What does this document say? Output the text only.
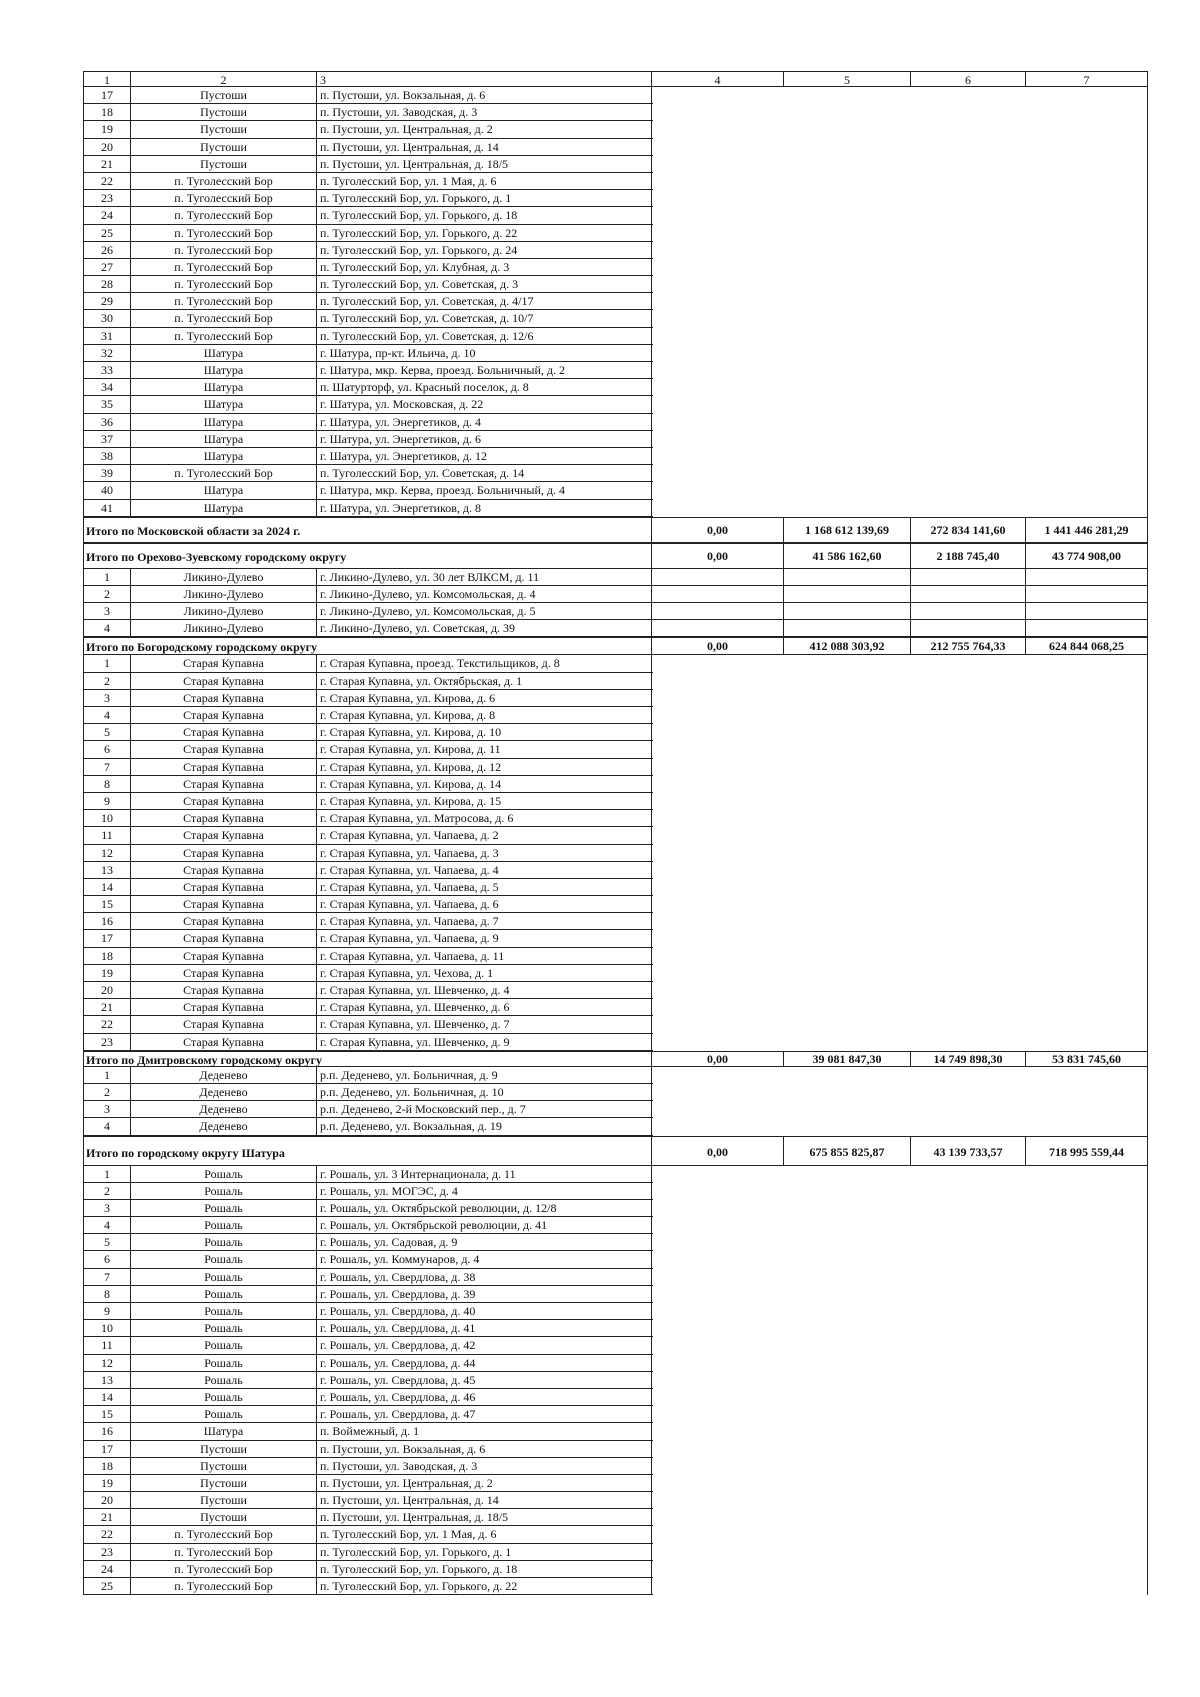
1	2	3	4	5	6	7
17	Пустоши	п. Пустоши, ул. Вокзальная, д. 6
18	Пустоши	п. Пустоши, ул. Заводская, д. 3
19	Пустоши	п. Пустоши, ул. Центральная, д. 2
20	Пустоши	п. Пустоши, ул. Центральная, д. 14
21	Пустоши	п. Пустоши, ул. Центральная, д. 18/5
22	п. Туголесский Бор	п. Туголесский Бор, ул. 1 Мая, д. 6
23	п. Туголесский Бор	п. Туголесский Бор, ул. Горького, д. 1
24	п. Туголесский Бор	п. Туголесский Бор, ул. Горького, д. 18
25	п. Туголесский Бор	п. Туголесский Бор, ул. Горького, д. 22
26	п. Туголесский Бор	п. Туголесский Бор, ул. Горького, д. 24
27	п. Туголесский Бор	п. Туголесский Бор, ул. Клубная, д. 3
28	п. Туголесский Бор	п. Туголесский Бор, ул. Советская, д. 3
29	п. Туголесский Бор	п. Туголесский Бор, ул. Советская, д. 4/17
30	п. Туголесский Бор	п. Туголесский Бор, ул. Советская, д. 10/7
31	п. Туголесский Бор	п. Туголесский Бор, ул. Советская, д. 12/6
32	Шатура	г. Шатура, пр-кт. Ильича, д. 10
33	Шатура	г. Шатура, мкр. Керва, проезд. Больничный, д. 2
34	Шатура	п. Шатурторф, ул. Красный поселок, д. 8
35	Шатура	г. Шатура, ул. Московская, д. 22
36	Шатура	г. Шатура, ул. Энергетиков, д. 4
37	Шатура	г. Шатура, ул. Энергетиков, д. 6
38	Шатура	г. Шатура, ул. Энергетиков, д. 12
39	п. Туголесский Бор	п. Туголесский Бор, ул. Советская, д. 14
40	Шатура	г. Шатура, мкр. Керва, проезд. Больничный, д. 4
41	Шатура	г. Шатура, ул. Энергетиков, д. 8
Итого по Московской области за 2024 г.	0,00	1 168 612 139,69	272 834 141,60	1 441 446 281,29
Итого по Орехово-Зуевскому городскому округу	0,00	41 586 162,60	2 188 745,40	43 774 908,00
1	Ликино-Дулево	г. Ликино-Дулево, ул. 30 лет ВЛКСМ, д. 11
2	Ликино-Дулево	г. Ликино-Дулево, ул. Комсомольская, д. 4
3	Ликино-Дулево	г. Ликино-Дулево, ул. Комсомольская, д. 5
4	Ликино-Дулево	г. Ликино-Дулево, ул. Советская, д. 39
Итого по Богородскому городскому округу	0,00	412 088 303,92	212 755 764,33	624 844 068,25
1	Старая Купавна	г. Старая Купавна, проезд. Текстильщиков, д. 8
2	Старая Купавна	г. Старая Купавна, ул. Октябрьская, д. 1
3	Старая Купавна	г. Старая Купавна, ул. Кирова, д. 6
4	Старая Купавна	г. Старая Купавна, ул. Кирова, д. 8
5	Старая Купавна	г. Старая Купавна, ул. Кирова, д. 10
6	Старая Купавна	г. Старая Купавна, ул. Кирова, д. 11
7	Старая Купавна	г. Старая Купавна, ул. Кирова, д. 12
8	Старая Купавна	г. Старая Купавна, ул. Кирова, д. 14
9	Старая Купавна	г. Старая Купавна, ул. Кирова, д. 15
10	Старая Купавна	г. Старая Купавна, ул. Матросова, д. 6
11	Старая Купавна	г. Старая Купавна, ул. Чапаева, д. 2
12	Старая Купавна	г. Старая Купавна, ул. Чапаева, д. 3
13	Старая Купавна	г. Старая Купавна, ул. Чапаева, д. 4
14	Старая Купавна	г. Старая Купавна, ул. Чапаева, д. 5
15	Старая Купавна	г. Старая Купавна, ул. Чапаева, д. 6
16	Старая Купавна	г. Старая Купавна, ул. Чапаева, д. 7
17	Старая Купавна	г. Старая Купавна, ул. Чапаева, д. 9
18	Старая Купавна	г. Старая Купавна, ул. Чапаева, д. 11
19	Старая Купавна	г. Старая Купавна, ул. Чехова, д. 1
20	Старая Купавна	г. Старая Купавна, ул. Шевченко, д. 4
21	Старая Купавна	г. Старая Купавна, ул. Шевченко, д. 6
22	Старая Купавна	г. Старая Купавна, ул. Шевченко, д. 7
23	Старая Купавна	г. Старая Купавна, ул. Шевченко, д. 9
Итого по Дмитровскому городскому округу	0,00	39 081 847,30	14 749 898,30	53 831 745,60
1	Деденево	р.п. Деденево, ул. Больничная, д. 9
2	Деденево	р.п. Деденево, ул. Больничная, д. 10
3	Деденево	р.п. Деденево, 2-й Московский пер., д. 7
4	Деденево	р.п. Деденево, ул. Вокзальная, д. 19
Итого по городскому округу Шатура	0,00	675 855 825,87	43 139 733,57	718 995 559,44
1	Рошаль	г. Рошаль, ул. 3 Интернационала, д. 11
2	Рошаль	г. Рошаль, ул. МОГЭС, д. 4
3	Рошаль	г. Рошаль, ул. Октябрьской революции, д. 12/8
4	Рошаль	г. Рошаль, ул. Октябрьской революции, д. 41
5	Рошаль	г. Рошаль, ул. Садовая, д. 9
6	Рошаль	г. Рошаль, ул. Коммунаров, д. 4
7	Рошаль	г. Рошаль, ул. Свердлова, д. 38
8	Рошаль	г. Рошаль, ул. Свердлова, д. 39
9	Рошаль	г. Рошаль, ул. Свердлова, д. 40
10	Рошаль	г. Рошаль, ул. Свердлова, д. 41
11	Рошаль	г. Рошаль, ул. Свердлова, д. 42
12	Рошаль	г. Рошаль, ул. Свердлова, д. 44
13	Рошаль	г. Рошаль, ул. Свердлова, д. 45
14	Рошаль	г. Рошаль, ул. Свердлова, д. 46
15	Рошаль	г. Рошаль, ул. Свердлова, д. 47
16	Шатура	п. Воймежный, д. 1
17	Пустоши	п. Пустоши, ул. Вокзальная, д. 6
18	Пустоши	п. Пустоши, ул. Заводская, д. 3
19	Пустоши	п. Пустоши, ул. Центральная, д. 2
20	Пустоши	п. Пустоши, ул. Центральная, д. 14
21	Пустоши	п. Пустоши, ул. Центральная, д. 18/5
22	п. Туголесский Бор	п. Туголесский Бор, ул. 1 Мая, д. 6
23	п. Туголесский Бор	п. Туголесский Бор, ул. Горького, д. 1
24	п. Туголесский Бор	п. Туголесский Бор, ул. Горького, д. 18
25	п. Туголесский Бор	п. Туголесский Бор, ул. Горького, д. 22
